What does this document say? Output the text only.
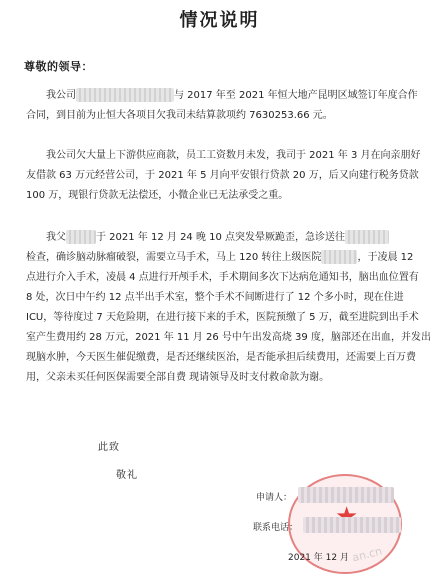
情况说明
尊敬的领导：
我公司	与 2017 年至 2021 年恒大地产昆明区域签订年度合作
合同，到目前为止恒大各项目欠我司未结算款项约 7630253.66 元。
我公司欠大量上下游供应商款，员工工资数月未发，我司于 2021 年 3 月在向亲朋好
友借款 63 万元经营公司，于 2021 年 5 月向平安银行贷款 20 万，后又向建行税务贷款
100 万，现银行贷款无法偿还，小微企业已无法承受之重。
我父	于 2021 年 12 月 24 晚 10 点突发晕厥跪歪，急诊送往
检查，确诊脑动脉瘤破裂，需要立马手术，马上 120 转往上级医院	，于凌晨 12
点进行介入手术，凌晨 4 点进行开颅手术，手术期间多次下达病危通知书，脑出血位置有
8 处，次日中午约 12 点半出手术室，整个手术不间断进行了 12 个多小时，现在住进
ICU，等待度过 7 天危险期，在进行接下来的手术，医院预缴了 5 万，截至进院到出手术
室产生费用约 28 万元，2021 年 11 月 26 号中午出发高烧 39 度，脑部还在出血，并发出
现脑水肿，今天医生催促缴费，是否还继续医治，是否能承担后续费用，还需要上百万费
用，父亲未买任何医保需要全部自费 现请领导及时支付救命款为谢。
此致
敬礼
申请人：
联系电话：
2021 年 12 月 an.cn
